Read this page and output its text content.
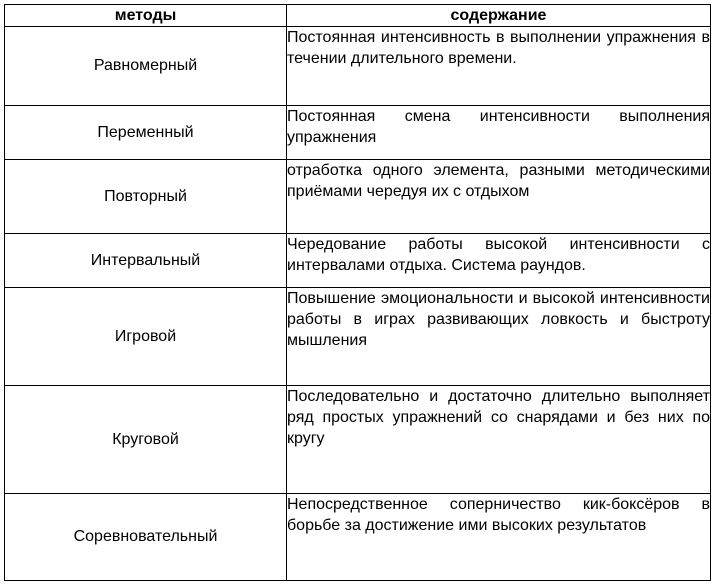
методы	содержание
Равномерный	Постоянная интенсивность в выполнении упражнения в течении длительного времени.
Переменный	Постоянная смена интенсивности выполнения упражнения
Повторный	отработка одного элемента, разными методическими приёмами чередуя их с отдыхом
Интервальный	Чередование работы высокой интенсивности с интервалами отдыха. Система раундов.
Игровой	Повышение эмоциональности и высокой интенсивности работы в играх развивающих ловкость и быстроту мышления
Круговой	Последовательно и достаточно длительно выполняет ряд простых упражнений со снарядами и без них по кругу
Соревновательный	Непосредственное соперничество кик-боксёров в борьбе за достижение ими высоких результатов
